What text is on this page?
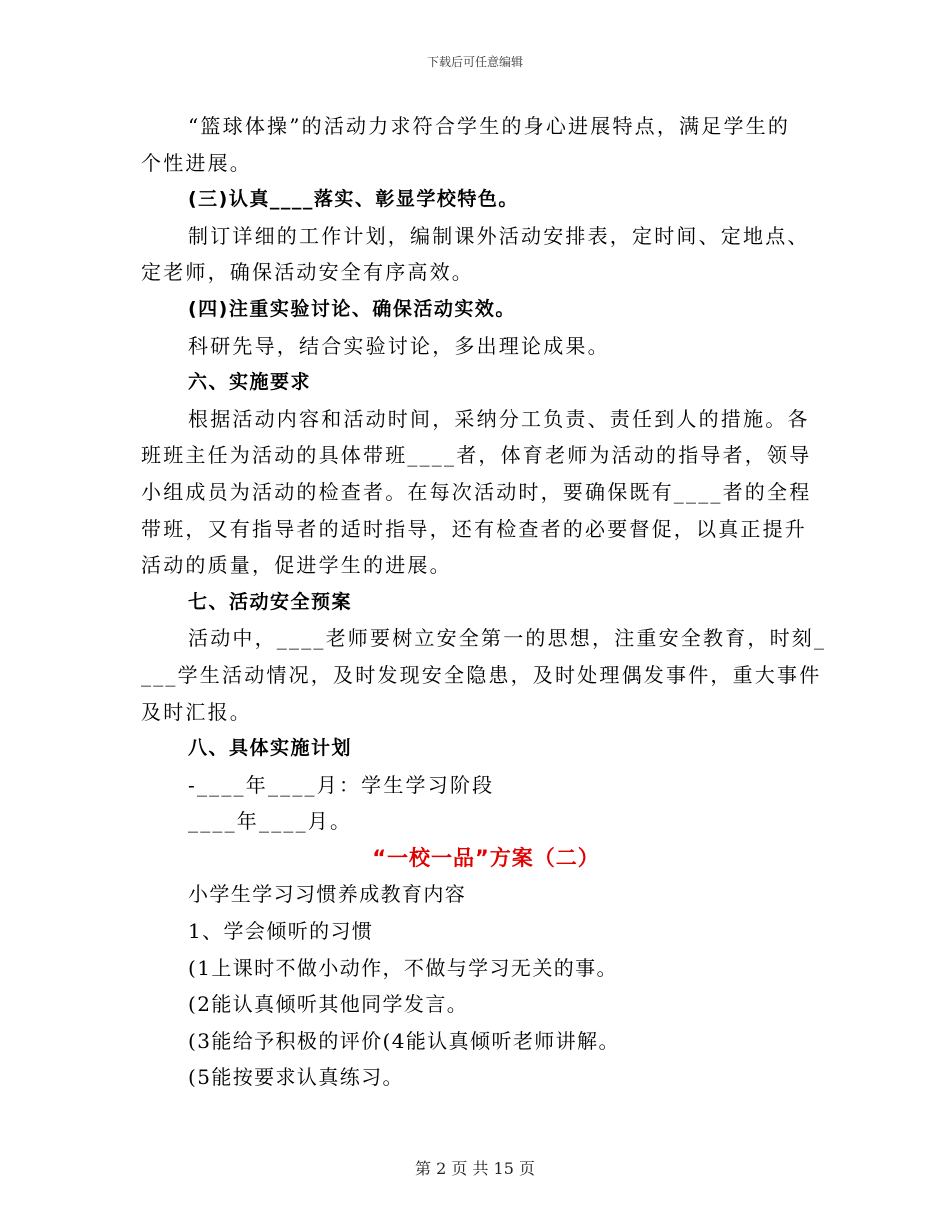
下载后可任意编辑
“篮球体操”的活动力求符合学生的身心进展特点，满足学生的
个性进展。
(三)认真____落实、彰显学校特色。
制订详细的工作计划，编制课外活动安排表，定时间、定地点、
定老师，确保活动安全有序高效。
(四)注重实验讨论、确保活动实效。
科研先导，结合实验讨论，多出理论成果。
六、实施要求
根据活动内容和活动时间，采纳分工负责、责任到人的措施。各
班班主任为活动的具体带班____者，体育老师为活动的指导者，领导
小组成员为活动的检查者。在每次活动时，要确保既有____者的全程
带班，又有指导者的适时指导，还有检查者的必要督促，以真正提升
活动的质量，促进学生的进展。
七、活动安全预案
活动中，____老师要树立安全第一的思想，注重安全教育，时刻_
___学生活动情况，及时发现安全隐患，及时处理偶发事件，重大事件
及时汇报。
八、具体实施计划
-____年____月：学生学习阶段
____年____月。
“一校一品”方案（二）
小学生学习习惯养成教育内容
1、学会倾听的习惯
(1上课时不做小动作，不做与学习无关的事。
(2能认真倾听其他同学发言。
(3能给予积极的评价(4能认真倾听老师讲解。
(5能按要求认真练习。
第 2 页 共 15 页
